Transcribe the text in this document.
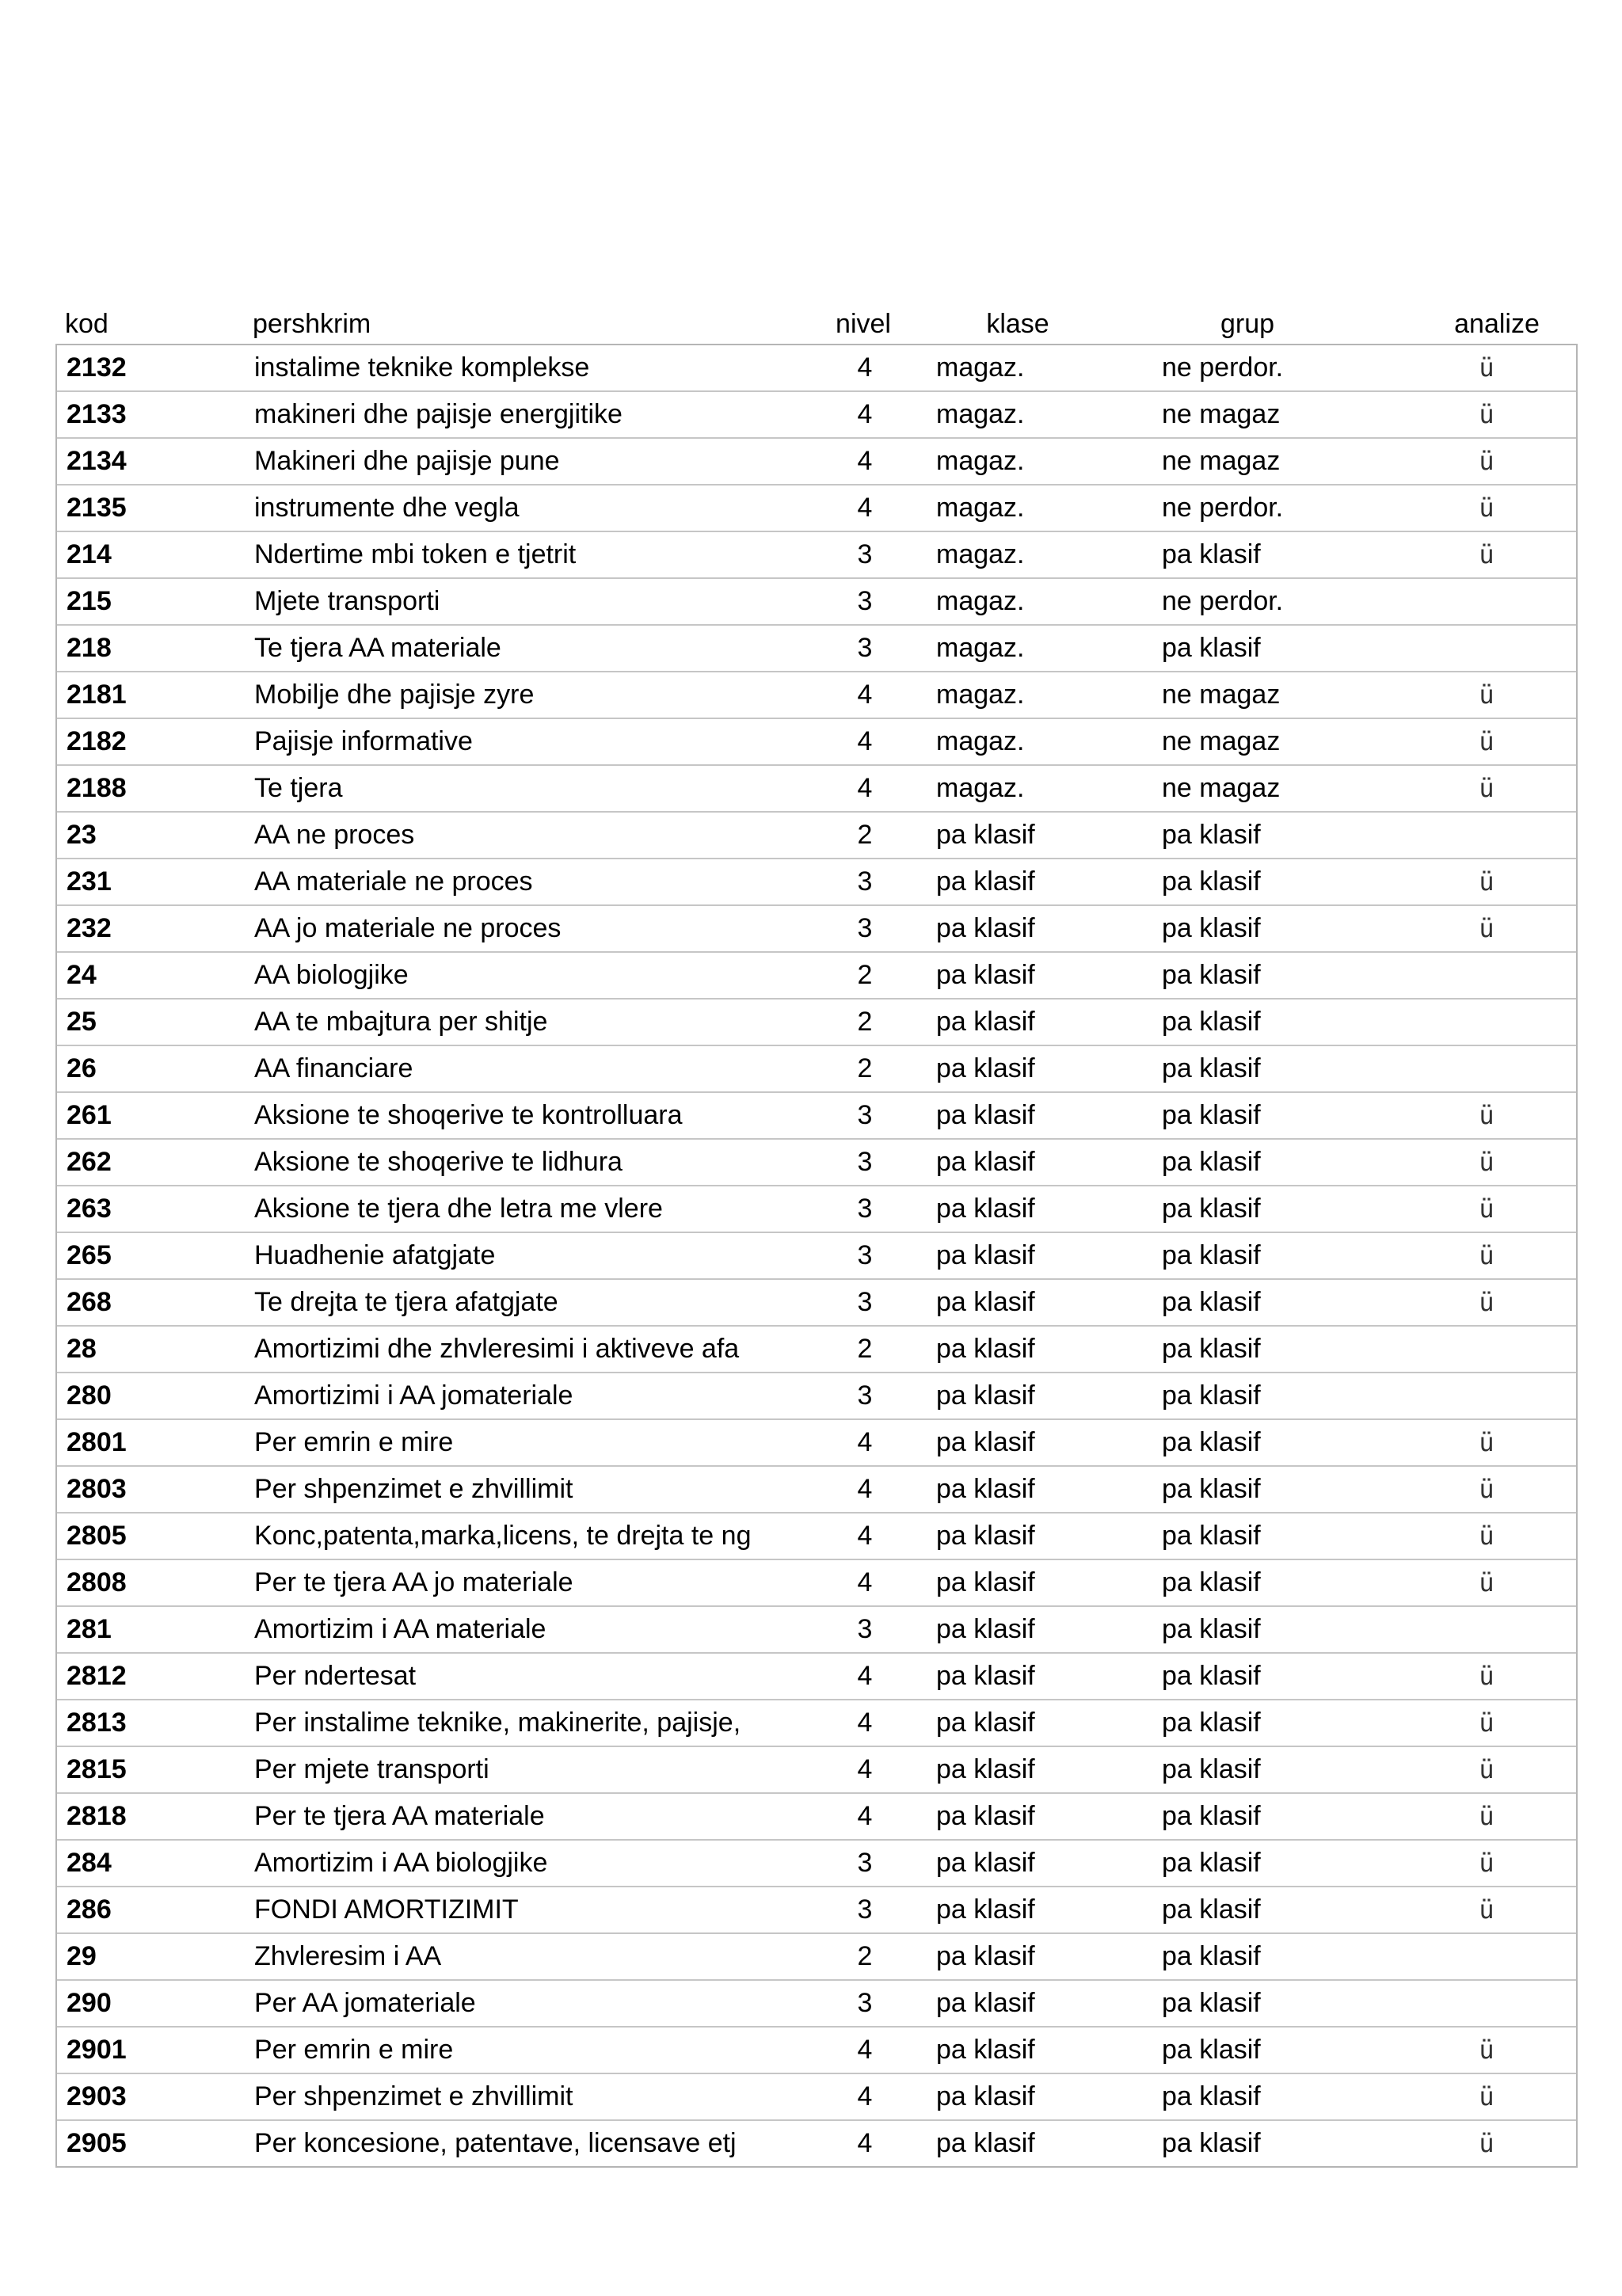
kod	pershkrim	nivel	klase	grup	analize
2132	instalime teknike komplekse	4	magaz.	ne perdor.	ü
2133	makineri dhe pajisje energjitike	4	magaz.	ne magaz	ü
2134	Makineri dhe pajisje pune	4	magaz.	ne magaz	ü
2135	instrumente dhe vegla	4	magaz.	ne perdor.	ü
214	Ndertime mbi token e tjetrit	3	magaz.	pa klasif	ü
215	Mjete transporti	3	magaz.	ne perdor.
218	Te tjera AA materiale	3	magaz.	pa klasif
2181	Mobilje dhe pajisje zyre	4	magaz.	ne magaz	ü
2182	Pajisje informative	4	magaz.	ne magaz	ü
2188	Te tjera	4	magaz.	ne magaz	ü
23	AA ne proces	2	pa klasif	pa klasif
231	AA materiale ne proces	3	pa klasif	pa klasif	ü
232	AA jo materiale ne proces	3	pa klasif	pa klasif	ü
24	AA biologjike	2	pa klasif	pa klasif
25	AA te mbajtura per shitje	2	pa klasif	pa klasif
26	AA financiare	2	pa klasif	pa klasif
261	Aksione te shoqerive te kontrolluara	3	pa klasif	pa klasif	ü
262	Aksione te shoqerive te lidhura	3	pa klasif	pa klasif	ü
263	Aksione te tjera dhe letra me vlere	3	pa klasif	pa klasif	ü
265	Huadhenie afatgjate	3	pa klasif	pa klasif	ü
268	Te drejta te tjera afatgjate	3	pa klasif	pa klasif	ü
28	Amortizimi dhe zhvleresimi i aktiveve afa	2	pa klasif	pa klasif
280	Amortizimi i AA jomateriale	3	pa klasif	pa klasif
2801	Per emrin e mire	4	pa klasif	pa klasif	ü
2803	Per shpenzimet e zhvillimit	4	pa klasif	pa klasif	ü
2805	Konc,patenta,marka,licens, te drejta te ng	4	pa klasif	pa klasif	ü
2808	Per te tjera AA jo materiale	4	pa klasif	pa klasif	ü
281	Amortizim i AA materiale	3	pa klasif	pa klasif
2812	Per ndertesat	4	pa klasif	pa klasif	ü
2813	Per instalime teknike, makinerite, pajisje,	4	pa klasif	pa klasif	ü
2815	Per mjete transporti	4	pa klasif	pa klasif	ü
2818	Per te tjera AA materiale	4	pa klasif	pa klasif	ü
284	Amortizim i AA biologjike	3	pa klasif	pa klasif	ü
286	FONDI AMORTIZIMIT	3	pa klasif	pa klasif	ü
29	Zhvleresim i AA	2	pa klasif	pa klasif
290	Per AA jomateriale	3	pa klasif	pa klasif
2901	Per emrin e mire	4	pa klasif	pa klasif	ü
2903	Per shpenzimet e zhvillimit	4	pa klasif	pa klasif	ü
2905	Per koncesione, patentave, licensave etj	4	pa klasif	pa klasif	ü
